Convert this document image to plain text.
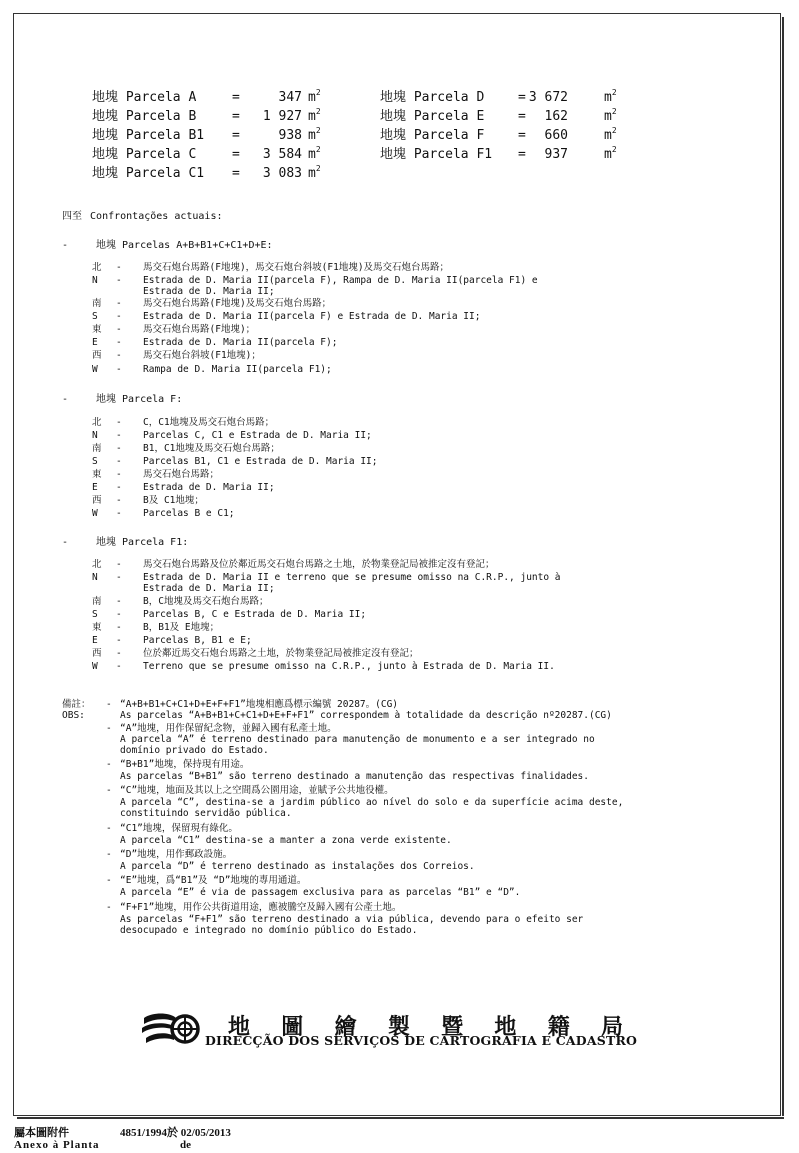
地塊 Parcela A	=	347 $m^2$
地塊 Parcela B	= 1 927 $m^2$
地塊 Parcela B1 =	938 $m^2$
地塊 Parcela C	= 3 584 $m^2$
地塊 Parcela C1 = 3 083 $m^2$
地塊 Parcela D	= 3 672	$m^2$
地塊 Parcela E	= 162	$m^2$
地塊 Parcela F	= 660	$m^2$
地塊 Parcela F1 = 937	$m^2$
四至 Confrontações actuais:
-	地塊 Parcelas A+B+B1+C+C1+D+E:
北	-	馬交石炮台馬路(F地塊)，馬交石炮台斜坡(F1地塊)及馬交石炮台馬路；
N	-	Estrada de D. Maria II(parcela F), Rampa de D. Maria II(parcela F1) e
Estrada de D. Maria II;
南	-	馬交石炮台馬路(F地塊)及馬交石炮台馬路；
S	-	Estrada de D. Maria II(parcela F) e Estrada de D. Maria II;
東	-	馬交石炮台馬路(F地塊)；
E	-	Estrada de D. Maria II(parcela F);
西	-	馬交石炮台斜坡(F1地塊)；
W	-	Rampa de D. Maria II(parcela F1);
-	地塊 Parcela F:
北	-	C，C1地塊及馬交石炮台馬路；
N	-	Parcelas C, C1 e Estrada de D. Maria II;
南	-	B1，C1地塊及馬交石炮台馬路；
S	-	Parcelas B1, C1 e Estrada de D. Maria II;
東	-	馬交石炮台馬路；
E	-	Estrada de D. Maria II;
西	-	B及 C1地塊；
W	-	Parcelas B e C1;
-	地塊 Parcela F1:
北	-	馬交石炮台馬路及位於鄰近馬交石炮台馬路之土地，於物業登記局被推定沒有登記；
N	-	Estrada de D. Maria II e terreno que se presume omisso na C.R.P., junto à
Estrada de D. Maria II;
南	-	B，C地塊及馬交石炮台馬路；
S	-	Parcelas B, C e Estrada de D. Maria II;
東	-	B，B1及 E地塊；
E	-	Parcelas B, B1 e E;
西	-	位於鄰近馬交石炮台馬路之土地，於物業登記局被推定沒有登記；
W	-	Terreno que se presume omisso na C.R.P., junto à Estrada de D. Maria II.
備註：
OBS:
- “A+B+B1+C+C1+D+E+F+F1”地塊相應爲標示編號 20287。(CG)
As parcelas “A+B+B1+C+C1+D+E+F+F1” correspondem à totalidade da descrição nº20287.(CG)
- “A”地塊，用作保留紀念物，並歸入國有私產土地。
A parcela “A” é terreno destinado para manutenção de monumento e a ser integrado no
domínio privado do Estado.
- “B+B1”地塊，保持現有用途。
As parcelas “B+B1” são terreno destinado a manutenção das respectivas finalidades.
- “C”地塊，地面及其以上之空間爲公園用途，並賦予公共地役權。
A parcela “C”, destina-se a jardim público ao nível do solo e da superfície acima deste,
constituindo servidão pública.
- “C1”地塊，保留現有綠化。
A parcela “C1” destina-se a manter a zona verde existente.
- “D”地塊，用作郵政設施。
A parcela “D” é terreno destinado as instalações dos Correios.
- “E”地塊，爲“B1”及 “D”地塊的專用通道。
A parcela “E” é via de passagem exclusiva para as parcelas “B1” e “D”.
- “F+F1”地塊，用作公共街道用途，應被騰空及歸入國有公產土地。
As parcelas “F+F1” são terreno destinado a via pública, devendo para o efeito ser
desocupado e integrado no domínio público do Estado.
地 圖 繪 製 暨 地 籍 局
DIRECÇÃO DOS SERVIÇOS DE CARTOGRAFIA E CADASTRO
屬本圖附件
Anexo à Planta
4851/1994於 02/05/2013
de
